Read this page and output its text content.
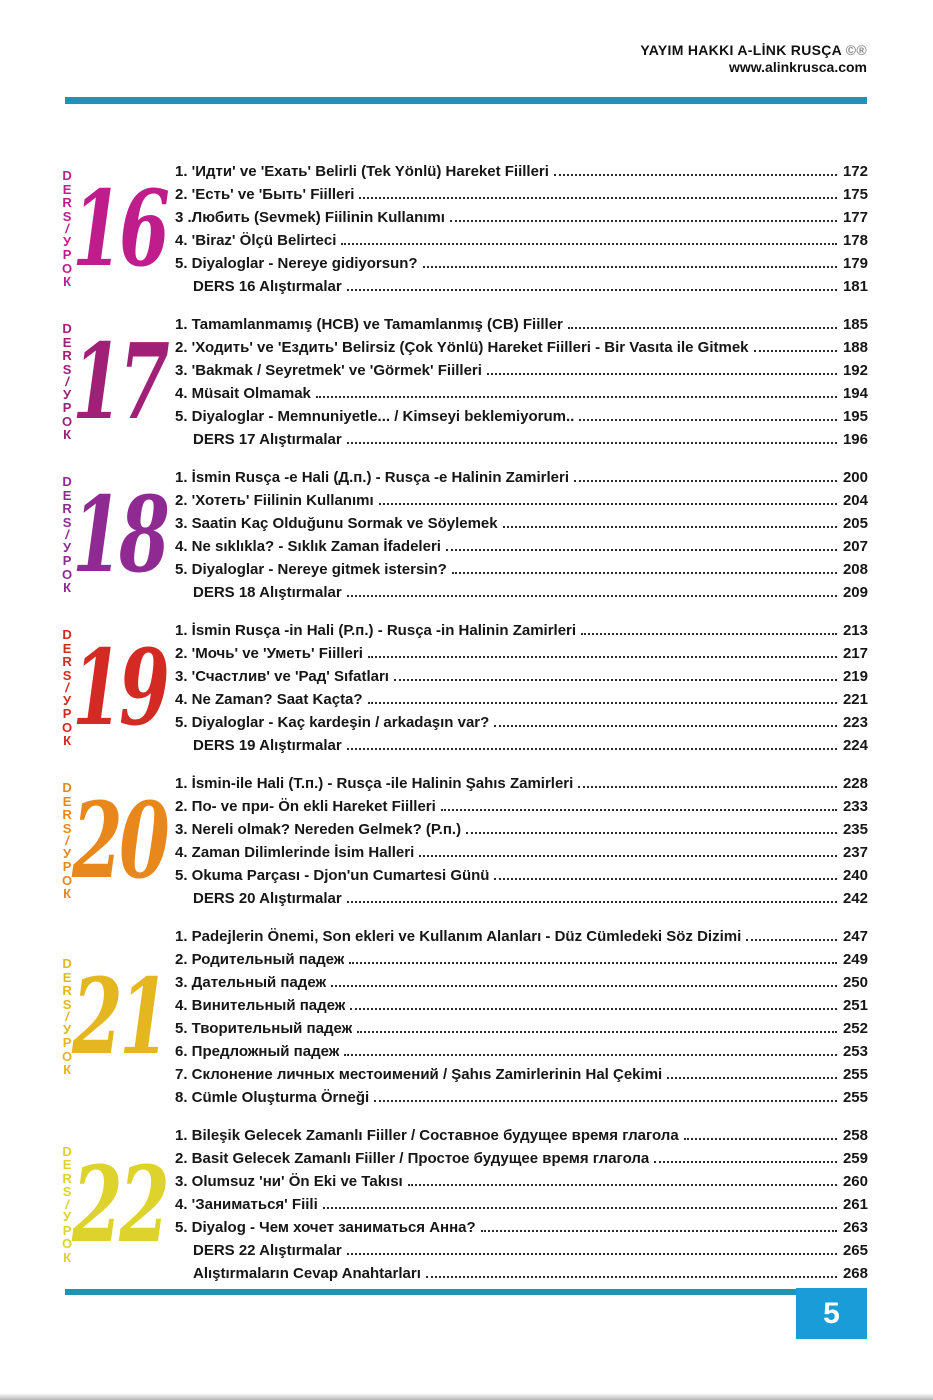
YAYIM HAKKI A-LİNK RUSÇA ©®
www.alinkrusca.com
D
E
R
S
/
У
Р
О
К 16 1. 'Идти' ve 'Ехать' Belirli (Tek Yönlü) Hareket Fiilleri	172
2. 'Есть' ve 'Быть' Fiilleri	175
3 .Любить (Sevmek) Fiilinin Kullanımı	177
4. 'Biraz' Ölçü Belirteci	178
5. Diyaloglar - Nereye gidiyorsun?	179
DERS 16 Alıştırmalar	181
D
E
R
S
/
У
Р
О
К 17 1. Tamamlanmamış (HCB) ve Tamamlanmış (CB) Fiiller	185
2. 'Ходить' ve 'Ездить' Belirsiz (Çok Yönlü) Hareket Fiilleri - Bir Vasıta ile Gitmek	188
3. 'Bakmak / Seyretmek' ve 'Görmek' Fiilleri	192
4. Müsait Olmamak	194
5. Diyaloglar - Memnuniyetle... / Kimseyi beklemiyorum..	195
DERS 17 Alıştırmalar	196
D
E
R
S
/
У
Р
О
К 18 1. İsmin Rusça -e Hali (Д.п.) - Rusça -e Halinin Zamirleri	200
2. 'Хотеть' Fiilinin Kullanımı	204
3. Saatin Kaç Olduğunu Sormak ve Söylemek	205
4. Ne sıklıkla? - Sıklık Zaman İfadeleri	207
5. Diyaloglar - Nereye gitmek istersin?	208
DERS 18 Alıştırmalar	209
D
E
R
S
/
У
Р
О
К 19 1. İsmin Rusça -in Hali (Р.п.) - Rusça -in Halinin Zamirleri	213
2. 'Мочь' ve 'Уметь' Fiilleri	217
3. 'Счастлив' ve 'Рад' Sıfatları	219
4. Ne Zaman? Saat Kaçta?	221
5. Diyaloglar - Kaç kardeşin / arkadaşın var?	223
DERS 19 Alıştırmalar	224
D
E
R
S
/
У
Р
О
К 20 1. İsmin-ile Hali (Т.п.) - Rusça -ile Halinin Şahıs Zamirleri	228
2. По- ve при- Ön ekli Hareket Fiilleri	233
3. Nereli olmak? Nereden Gelmek? (Р.п.)	235
4. Zaman Dilimlerinde İsim Halleri	237
5. Okuma Parçası - Djon'un Cumartesi Günü	240
DERS 20 Alıştırmalar	242
D
E
R
S
/
У
Р
О
К 21
1. Padejlerin Önemi, Son ekleri ve Kullanım Alanları - Düz Cümledeki Söz Dizimi	247
2. Родительный падеж	249
3. Дательный падеж	250
4. Винительный падеж	251
5. Творительный падеж	252
6. Предложный падеж	253
7. Склонение личных местоимений / Şahıs Zamirlerinin Hal Çekimi	255
8. Cümle Oluşturma Örneği	255
D
E
R
S
/
У
Р
О
К 22
1. Bileşik Gelecek Zamanlı Fiiller / Составное будущее время глагола	258
2. Basit Gelecek Zamanlı Fiiller / Простое будущее время глагола	259
3. Olumsuz 'ни' Ön Eki ve Takısı	260
4. 'Заниматься' Fiili	261
5. Diyalog - Чем хочет заниматься Анна?	263
DERS 22 Alıştırmalar	265
Alıştırmaların Cevap Anahtarları	268
5
